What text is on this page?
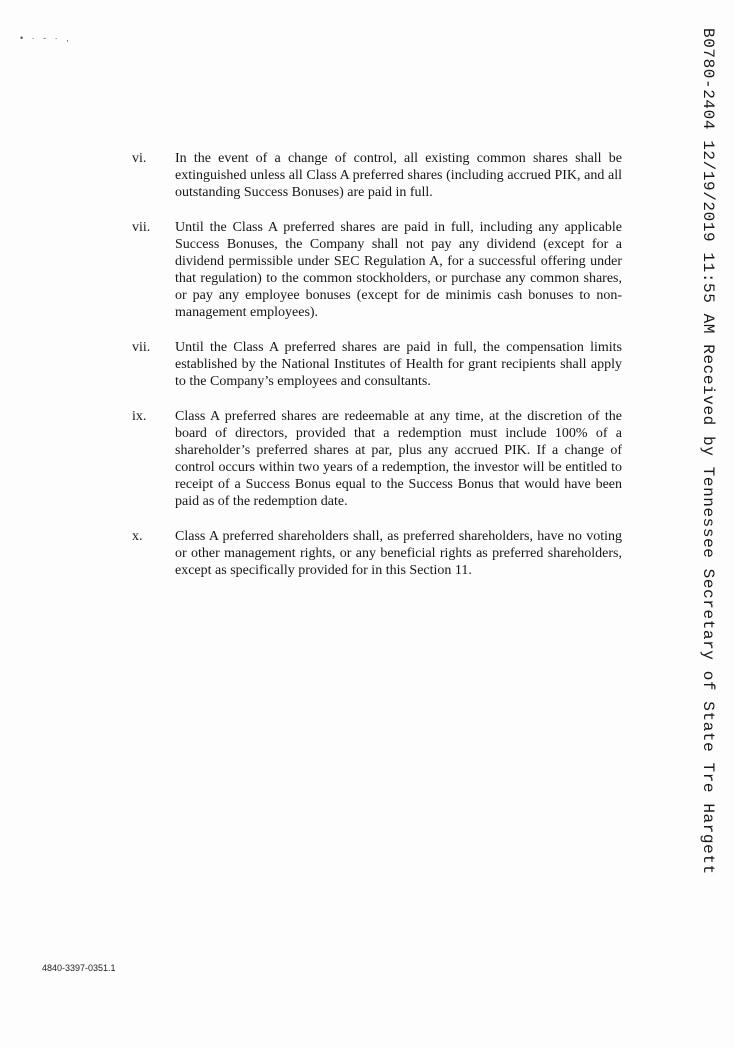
• · - · ,
vi. In the event of a change of control, all existing common shares shall be extinguished unless all Class A preferred shares (including accrued PIK, and all outstanding Success Bonuses) are paid in full.

vii. Until the Class A preferred shares are paid in full, including any applicable Success Bonuses, the Company shall not pay any dividend (except for a dividend permissible under SEC Regulation A, for a successful offering under that regulation) to the common stockholders, or purchase any common shares, or pay any employee bonuses (except for de minimis cash bonuses to non-management employees).

vii. Until the Class A preferred shares are paid in full, the compensation limits established by the National Institutes of Health for grant recipients shall apply to the Company’s employees and consultants.

ix. Class A preferred shares are redeemable at any time, at the discretion of the board of directors, provided that a redemption must include 100% of a shareholder’s preferred shares at par, plus any accrued PIK. If a change of control occurs within two years of a redemption, the investor will be entitled to receipt of a Success Bonus equal to the Success Bonus that would have been paid as of the redemption date.

x. Class A preferred shareholders shall, as preferred shareholders, have no voting or other management rights, or any beneficial rights as preferred shareholders, except as specifically provided for in this Section 11.

4840-3397-0351.1
B0780-2404 12/19/2019 11:55 AM Received by Tennessee Secretary of State Tre Hargett
